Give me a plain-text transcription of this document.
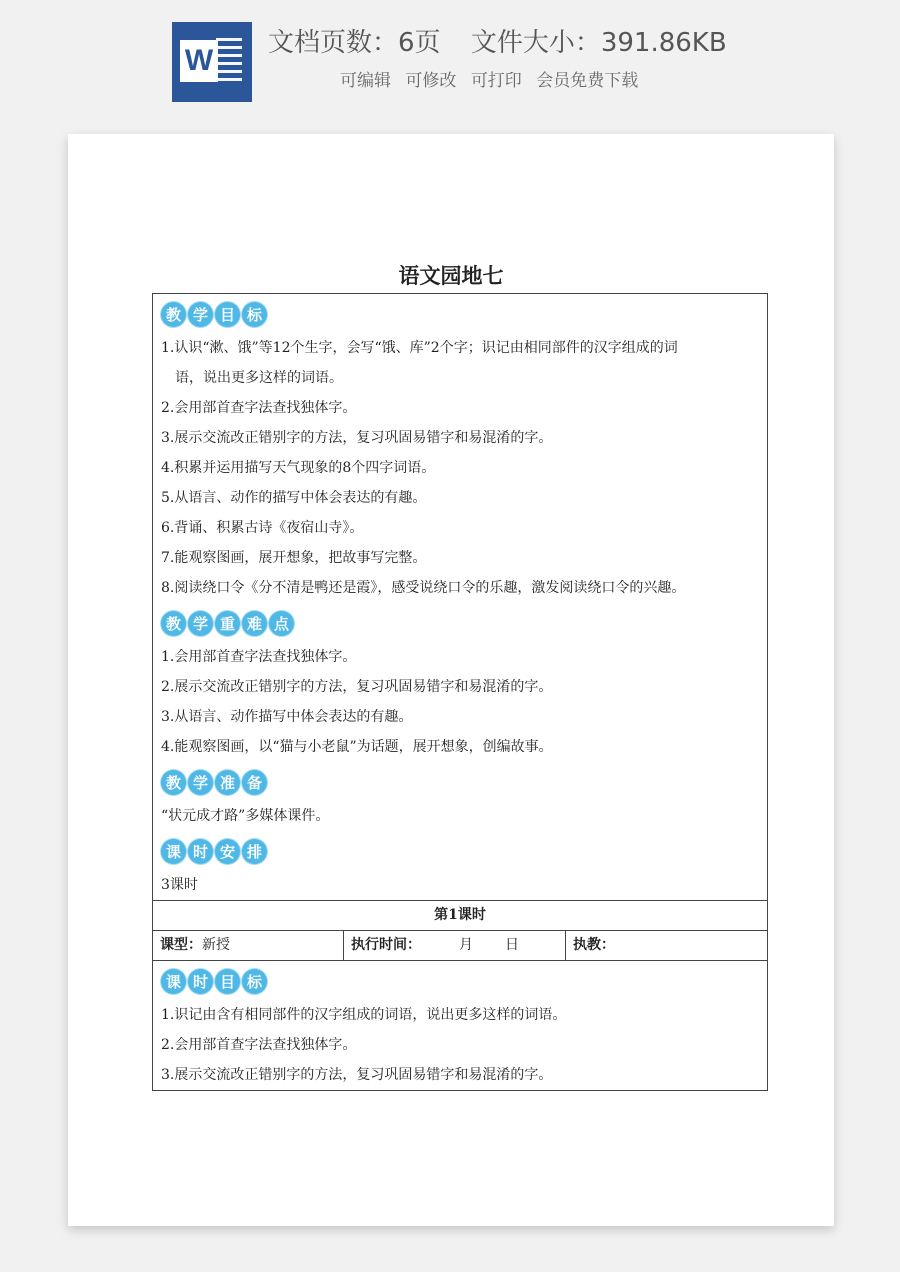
W
文档页数：6页 文件大小：391.86KB
可编辑 可修改 可打印 会员免费下载
语文园地七
教 学 目 标
1.认识“漱、饿”等12个生字，会写“饿、库”2个字；识记由相同部件的汉字组成的词
语，说出更多这样的词语。
2.会用部首查字法查找独体字。
3.展示交流改正错别字的方法，复习巩固易错字和易混淆的字。
4.积累并运用描写天气现象的8个四字词语。
5.从语言、动作的描写中体会表达的有趣。
6.背诵、积累古诗《夜宿山寺》。
7.能观察图画，展开想象，把故事写完整。
8.阅读绕口令《分不清是鸭还是霞》，感受说绕口令的乐趣，激发阅读绕口令的兴趣。
教 学 重 难 点
1.会用部首查字法查找独体字。
2.展示交流改正错别字的方法，复习巩固易错字和易混淆的字。
3.从语言、动作描写中体会表达的有趣。
4.能观察图画，以“猫与小老鼠”为话题，展开想象，创编故事。
教 学 准 备
“状元成才路”多媒体课件。
课 时 安 排
3课时
第1课时
课型：新授	执行时间：	月 日	执教：
课 时 目 标
1.识记由含有相同部件的汉字组成的词语，说出更多这样的词语。
2.会用部首查字法查找独体字。
3.展示交流改正错别字的方法，复习巩固易错字和易混淆的字。
